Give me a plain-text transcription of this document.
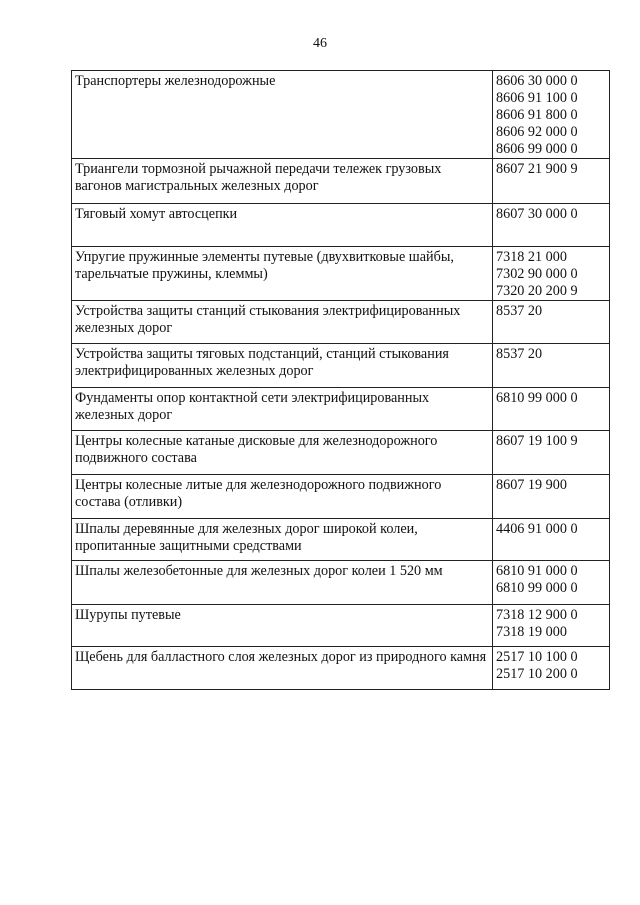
46
Транспортеры железнодорожные	8606 30 000 0
8606 91 100 0
8606 91 800 0
8606 92 000 0
8606 99 000 0

Триангели тормозной рычажной передачи тележек грузовых вагонов магистральных железных дорог	8607 21 900 9

Тяговый хомут автосцепки	8607 30 000 0

Упругие пружинные элементы путевые (двухвитковые шайбы, тарельчатые пружины, клеммы)	7318 21 000
7302 90 000 0
7320 20 200 9

Устройства защиты станций стыкования электрифицированных железных дорог	8537 20

Устройства защиты тяговых подстанций, станций стыкования электрифицированных железных дорог	8537 20

Фундаменты опор контактной сети электрифицированных железных дорог	6810 99 000 0

Центры колесные катаные дисковые для железнодорожного подвижного состава	8607 19 100 9

Центры колесные литые для железнодорожного подвижного состава (отливки)	8607 19 900

Шпалы деревянные для железных дорог широкой колеи, пропитанные защитными средствами	4406 91 000 0

Шпалы железобетонные для железных дорог колеи 1 520 мм	6810 91 000 0
6810 99 000 0

Шурупы путевые	7318 12 900 0
7318 19 000

Щебень для балластного слоя железных дорог из природного камня	2517 10 100 0
2517 10 200 0
